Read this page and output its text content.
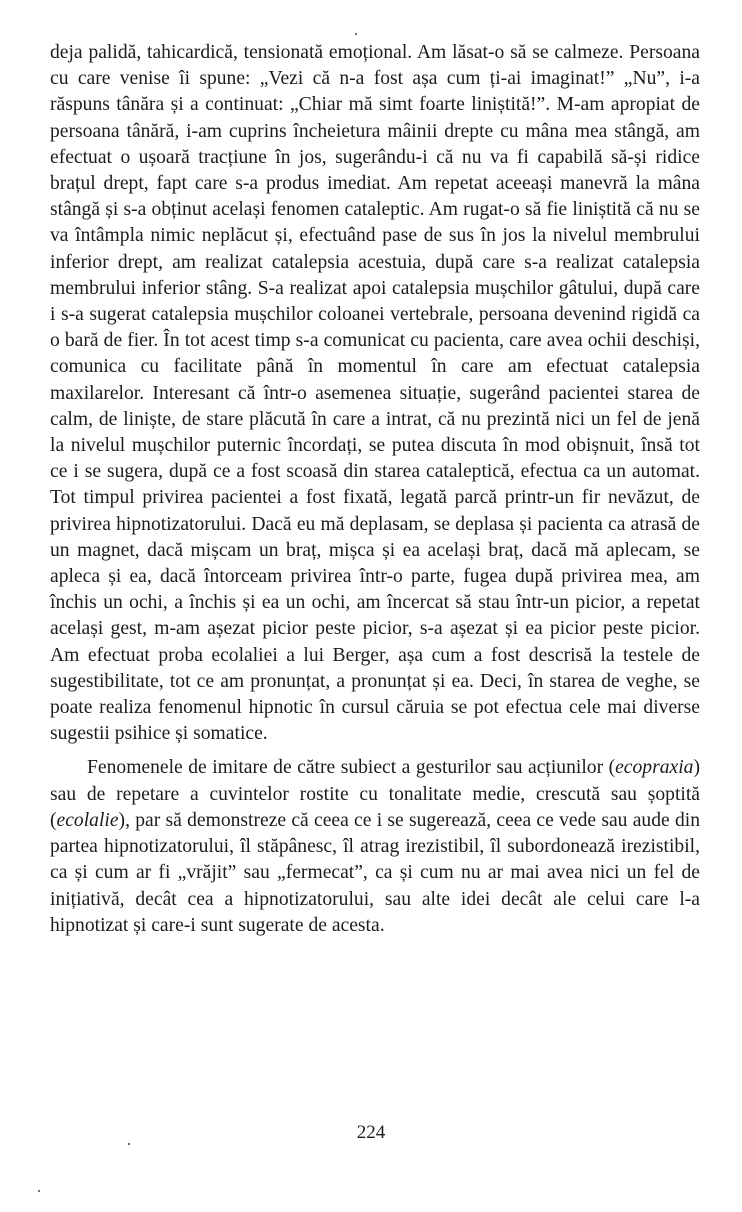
deja palidă, tahicardică, tensionată emoțional. Am lăsat-o să se calmeze. Persoana cu care venise îi spune: „Vezi că n-a fost așa cum ți-ai imaginat!” „Nu”, i-a răspuns tânăra și a continuat: „Chiar mă simt foarte liniștită!”. M-am apropiat de persoana tânără, i-am cuprins încheietura mâinii drepte cu mâna mea stângă, am efectuat o ușoară tracțiune în jos, sugerându-i că nu va fi capabilă să-și ridice brațul drept, fapt care s-a produs imediat. Am repetat aceeași manevră la mâna stângă și s-a obținut același fenomen cataleptic. Am rugat-o să fie liniștită că nu se va întâmpla nimic neplăcut și, efectuând pase de sus în jos la nivelul membrului inferior drept, am realizat catalepsia acestuia, după care s-a realizat catalepsia membrului inferior stâng. S-a realizat apoi catalepsia mușchilor gâtului, după care i s-a sugerat catalepsia mușchilor coloanei vertebrale, persoana devenind rigidă ca o bară de fier. În tot acest timp s-a comunicat cu pacienta, care avea ochii deschiși, comunica cu facilitate până în momentul în care am efectuat catalepsia maxilarelor. Interesant că într-o asemenea situație, sugerând pacientei starea de calm, de liniște, de stare plăcută în care a intrat, că nu prezintă nici un fel de jenă la nivelul mușchilor puternic încordați, se putea discuta în mod obișnuit, însă tot ce i se sugera, după ce a fost scoasă din starea cataleptică, efectua ca un automat. Tot timpul privirea pacientei a fost fixată, legată parcă printr-un fir nevăzut, de privirea hipnotizatorului. Dacă eu mă deplasam, se deplasa și pacienta ca atrasă de un magnet, dacă mișcam un braț, mișca și ea același braț, dacă mă aplecam, se apleca și ea, dacă întorceam privirea într-o parte, fugea după privirea mea, am închis un ochi, a închis și ea un ochi, am încercat să stau într-un picior, a repetat același gest, m-am așezat picior peste picior, s-a așezat și ea picior peste picior. Am efectuat proba ecolaliei a lui Berger, așa cum a fost descrisă la testele de sugestibilitate, tot ce am pronunțat, a pronunțat și ea. Deci, în starea de veghe, se poate realiza fenomenul hipnotic în cursul căruia se pot efectua cele mai diverse sugestii psihice și somatice.

Fenomenele de imitare de către subiect a gesturilor sau acțiunilor (ecopraxia) sau de repetare a cuvintelor rostite cu tonalitate medie, crescută sau șoptită (ecolalie), par să demonstreze că ceea ce i se sugerează, ceea ce vede sau aude din partea hipnotizatorului, îl stăpânesc, îl atrag irezistibil, îl subordonează irezistibil, ca și cum ar fi „vrăjit” sau „fermecat”, ca și cum nu ar mai avea nici un fel de inițiativă, decât cea a hipnotizatorului, sau alte idei decât ale celui care l-a hipnotizat și care-i sunt sugerate de acesta.

224
